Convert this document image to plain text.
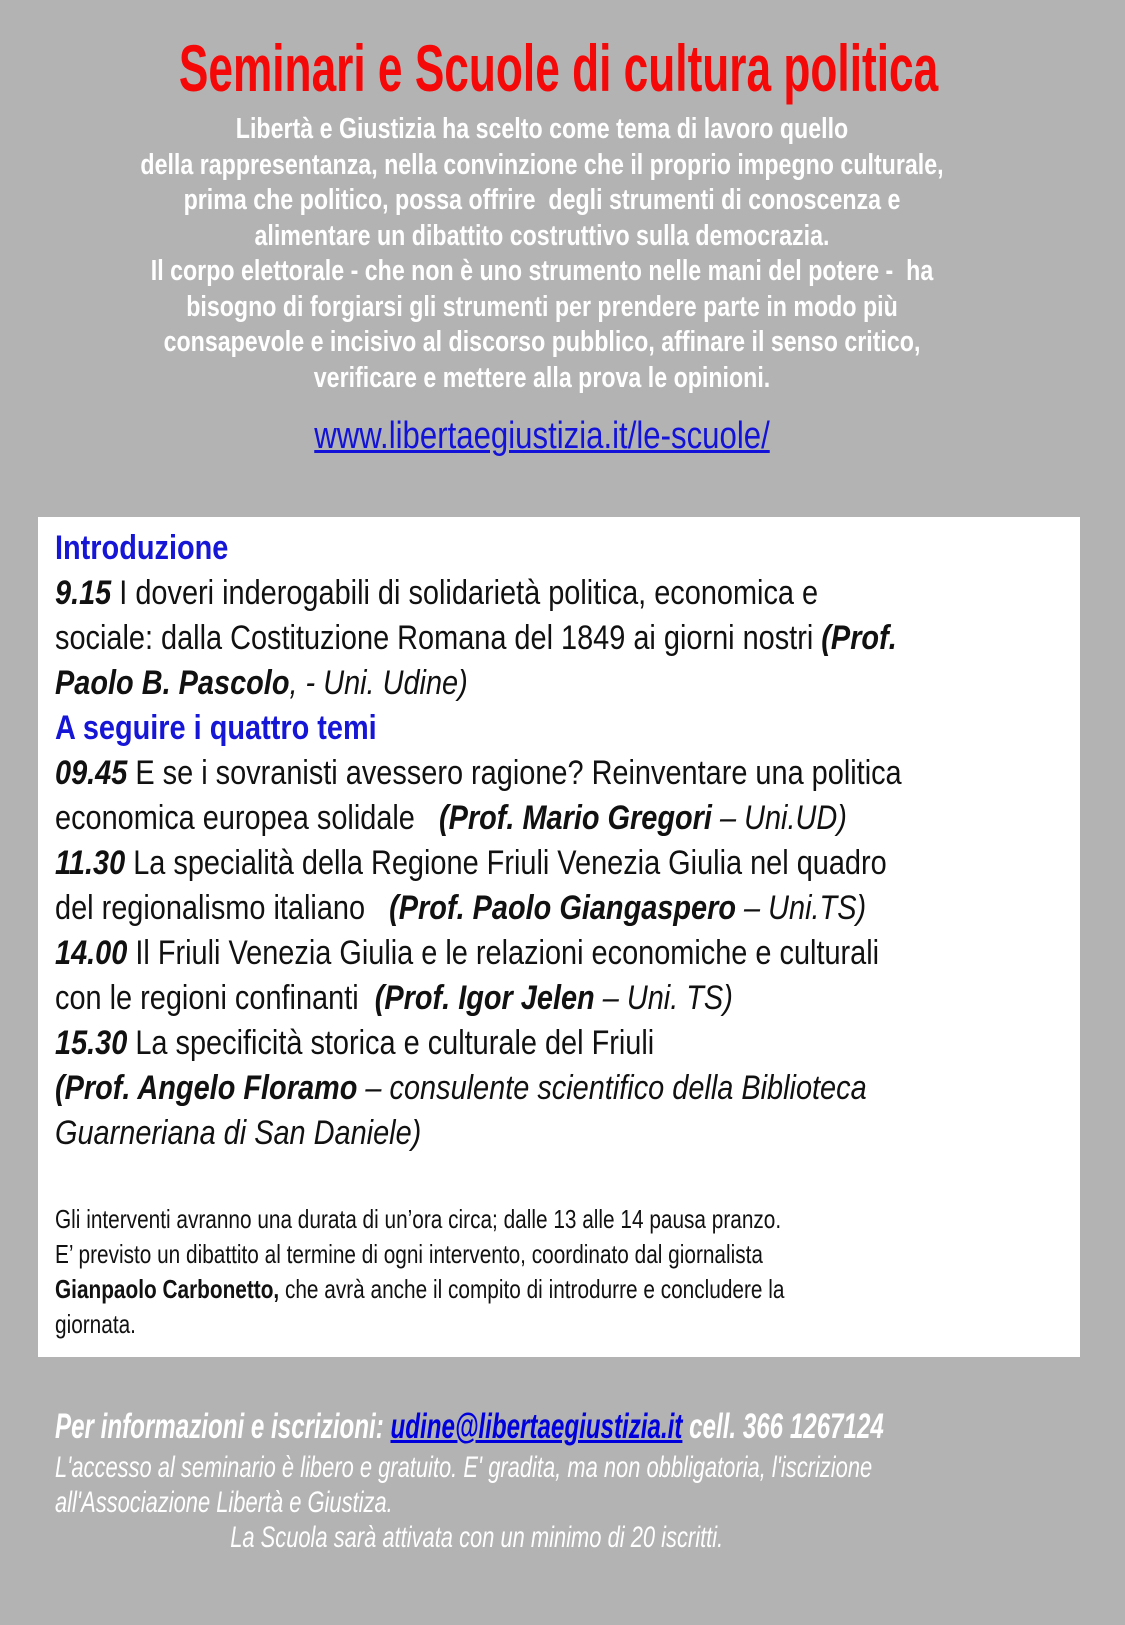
Seminari e Scuole di cultura politica
Libertà e Giustizia ha scelto come tema di lavoro quello
della rappresentanza, nella convinzione che il proprio impegno culturale,
prima che politico, possa offrire  degli strumenti di conoscenza e
alimentare un dibattito costruttivo sulla democrazia.
Il corpo elettorale - che non è uno strumento nelle mani del potere -  ha
bisogno di forgiarsi gli strumenti per prendere parte in modo più
consapevole e incisivo al discorso pubblico, affinare il senso critico,
verificare e mettere alla prova le opinioni.
www.libertaegiustizia.it/le-scuole/
Introduzione
9.15 I doveri inderogabili di solidarietà politica, economica e
sociale: dalla Costituzione Romana del 1849 ai giorni nostri (Prof.
Paolo B. Pascolo, - Uni. Udine)
A seguire i quattro temi
09.45 E se i sovranisti avessero ragione? Reinventare una politica
economica europea solidale   (Prof. Mario Gregori – Uni.UD)
11.30 La specialità della Regione Friuli Venezia Giulia nel quadro
del regionalismo italiano   (Prof. Paolo Giangaspero – Uni.TS)
14.00 Il Friuli Venezia Giulia e le relazioni economiche e culturali
con le regioni confinanti  (Prof. Igor Jelen – Uni. TS)
15.30 La specificità storica e culturale del Friuli
(Prof. Angelo Floramo – consulente scientifico della Biblioteca
Guarneriana di San Daniele)
Gli interventi avranno una durata di un’ora circa; dalle 13 alle 14 pausa pranzo.
E’ previsto un dibattito al termine di ogni intervento, coordinato dal giornalista
Gianpaolo Carbonetto, che avrà anche il compito di introdurre e concludere la
giornata.
Per informazioni e iscrizioni: udine@libertaegiustizia.it cell. 366 1267124
L'accesso al seminario è libero e gratuito. E' gradita, ma non obbligatoria, l'iscrizione
all'Associazione Libertà e Giustiza.
La Scuola sarà attivata con un minimo di 20 iscritti.
